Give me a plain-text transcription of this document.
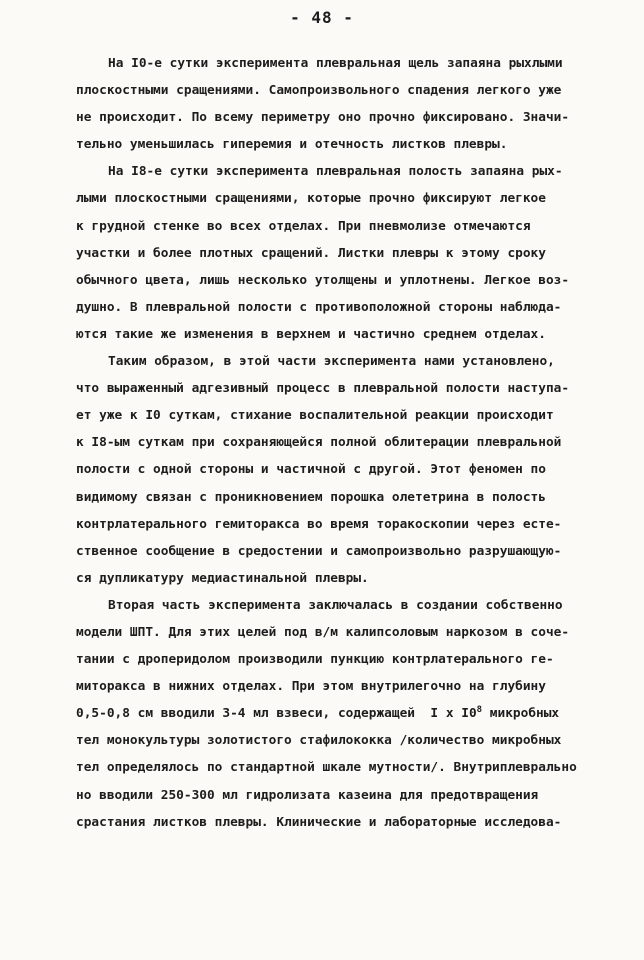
- 48 -
На I0-е сутки эксперимента плевральная щель запаяна рыхлыми
плоскостными сращениями. Самопроизвольного спадения легкого уже
не происходит. По всему периметру оно прочно фиксировано. Значи-
тельно уменьшилась гиперемия и отечность листков плевры.
На I8-е сутки эксперимента плевральная полость запаяна рых-
лыми плоскостными сращениями, которые прочно фиксируют легкое
к грудной стенке во всех отделах. При пневмолизе отмечаются
участки и более плотных сращений. Листки плевры к этому сроку
обычного цвета, лишь несколько утолщены и уплотнены. Легкое воз-
душно. В плевральной полости с противоположной стороны наблюда-
ются такие же изменения в верхнем и частично среднем отделах.
Таким образом, в этой части эксперимента нами установлено,
что выраженный адгезивный процесс в плевральной полости наступа-
ет уже к I0 суткам, стихание воспалительной реакции происходит
к I8-ым суткам при сохраняющейся полной облитерации плевральной
полости с одной стороны и частичной с другой. Этот феномен по
видимому связан с проникновением порошка олететрина в полость
контрлатерального гемиторакса во время торакоскопии через есте-
ственное сообщение в средостении и самопроизвольно разрушающую-
ся дупликатуру медиастинальной плевры.
Вторая часть эксперимента заключалась в создании собственно
модели ШПТ. Для этих целей под в/м калипсоловым наркозом в соче-
тании с дроперидолом производили пункцию контрлатерального ге-
миторакса в нижних отделах. При этом внутрилегочно на глубину
0,5-0,8 см вводили 3-4 мл взвеси, содержащей I x $I0^8$ микробных
тел монокультуры золотистого стафилококка /количество микробных
тел определялось по стандартной шкале мутности/. Внутриплеврально
но вводили 250-300 мл гидролизата казеина для предотвращения
срастания листков плевры. Клинические и лабораторные исследова-
